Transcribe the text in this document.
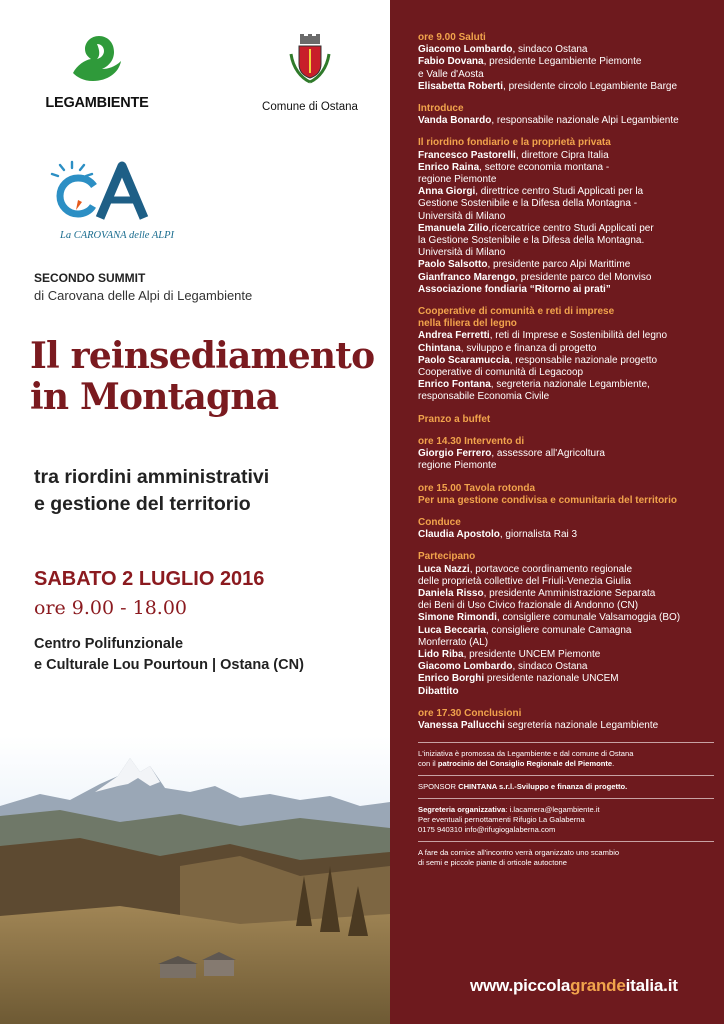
LEGAMBIENTE	Comune di Ostana
La CAROVANA delle ALPI
SECONDO SUMMIT
di Carovana delle Alpi di Legambiente
Il reinsediamento
in Montagna
tra riordini amministrativi
e gestione del territorio
SABATO 2 LUGLIO 2016
ore 9.00 - 18.00
Centro Polifunzionale
e Culturale Lou Pourtoun | Ostana (CN)
ore 9.00 Saluti
Giacomo Lombardo, sindaco Ostana
Fabio Dovana, presidente Legambiente Piemonte
e Valle d'Aosta
Elisabetta Roberti, presidente circolo Legambiente Barge
Introduce
Vanda Bonardo, responsabile nazionale Alpi Legambiente
Il riordino fondiario e la proprietà privata
Francesco Pastorelli, direttore Cipra Italia
Enrico Raina, settore economia montana -
regione Piemonte
Anna Giorgi, direttrice centro Studi Applicati per la
Gestione Sostenibile e la Difesa della Montagna -
Università di Milano
Emanuela Zilio,ricercatrice centro Studi Applicati per
la Gestione Sostenibile e la Difesa della Montagna.
Università di Milano
Paolo Salsotto, presidente parco Alpi Marittime
Gianfranco Marengo, presidente parco del Monviso
Associazione fondiaria “Ritorno ai prati”
Cooperative di comunità e reti di imprese
nella filiera del legno
Andrea Ferretti, reti di Imprese e Sostenibilità del legno
Chintana, sviluppo e finanza di progetto
Paolo Scaramuccia, responsabile nazionale progetto
Cooperative di comunità di Legacoop
Enrico Fontana, segreteria nazionale Legambiente,
responsabile Economia Civile
Pranzo a buffet
ore 14.30 Intervento di
Giorgio Ferrero, assessore all'Agricoltura
regione Piemonte
ore 15.00 Tavola rotonda
Per una gestione condivisa e comunitaria del territorio
Conduce
Claudia Apostolo, giornalista Rai 3
Partecipano
Luca Nazzi, portavoce coordinamento regionale
delle proprietà collettive del Friuli-Venezia Giulia
Daniela Risso, presidente Amministrazione Separata
dei Beni di Uso Civico frazionale di Andonno (CN)
Simone Rimondi, consigliere comunale Valsamoggia (BO)
Luca Beccaria, consigliere comunale Camagna
Monferrato (AL)
Lido Riba, presidente UNCEM Piemonte
Giacomo Lombardo, sindaco Ostana
Enrico Borghi presidente nazionale UNCEM
Dibattito
ore 17.30 Conclusioni
Vanessa Pallucchi segreteria nazionale Legambiente
L'iniziativa è promossa da Legambiente e dal comune di Ostana
con il patrocinio del Consiglio Regionale del Piemonte.
SPONSOR CHINTANA s.r.l.-Sviluppo e finanza di progetto.
Segreteria organizzativa: i.lacamera@legambiente.it
Per eventuali pernottamenti Rifugio La Galaberna
0175 940310 info@rifugiogalaberna.com
A fare da cornice all'incontro verrà organizzato uno scambio
di semi e piccole piante di orticole autoctone
www.piccolagrandeitalia.it
